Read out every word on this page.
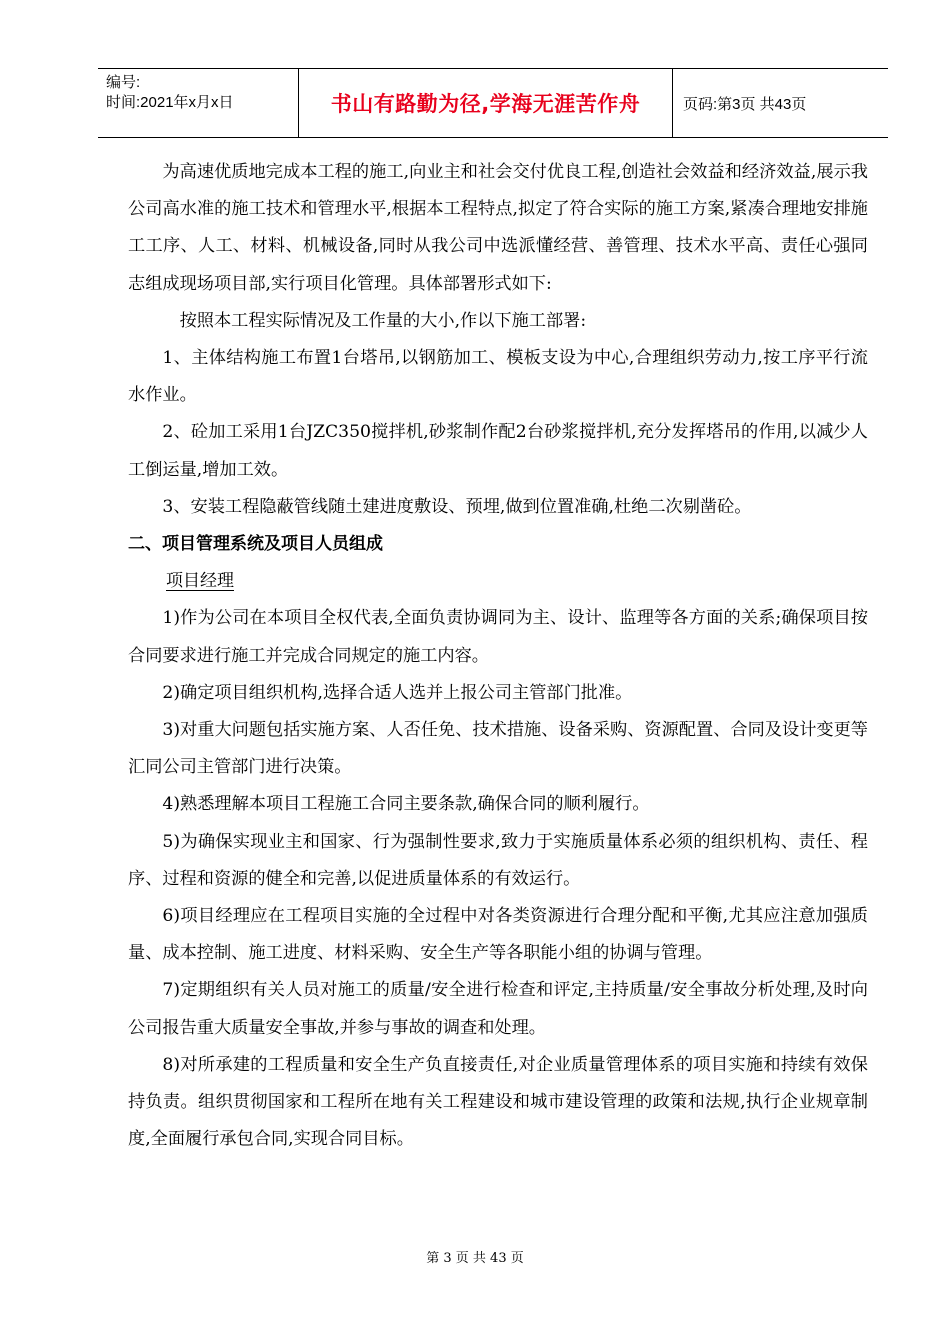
编号:
时间:2021年x月x日	书山有路勤为径,学海无涯苦作舟	页码:第3页 共43页

为高速优质地完成本工程的施工,向业主和社会交付优良工程,创造社会效益和经济效益,展示我公司高水准的施工技术和管理水平,根据本工程特点,拟定了符合实际的施工方案,紧凑合理地安排施工工序、人工、材料、机械设备,同时从我公司中选派懂经营、善管理、技术水平高、责任心强同志组成现场项目部,实行项目化管理。具体部署形式如下:

按照本工程实际情况及工作量的大小,作以下施工部署:

1、主体结构施工布置1台塔吊,以钢筋加工、模板支设为中心,合理组织劳动力,按工序平行流水作业。

2、砼加工采用1台JZC350搅拌机,砂浆制作配2台砂浆搅拌机,充分发挥塔吊的作用,以减少人工倒运量,增加工效。

3、安装工程隐蔽管线随土建进度敷设、预埋,做到位置准确,杜绝二次剔凿砼。

二、项目管理系统及项目人员组成

项目经理

1)作为公司在本项目全权代表,全面负责协调同为主、设计、监理等各方面的关系;确保项目按合同要求进行施工并完成合同规定的施工内容。

2)确定项目组织机构,选择合适人选并上报公司主管部门批准。

3)对重大问题包括实施方案、人否任免、技术措施、设备采购、资源配置、合同及设计变更等汇同公司主管部门进行决策。

4)熟悉理解本项目工程施工合同主要条款,确保合同的顺利履行。

5)为确保实现业主和国家、行为强制性要求,致力于实施质量体系必须的组织机构、责任、程序、过程和资源的健全和完善,以促进质量体系的有效运行。

6)项目经理应在工程项目实施的全过程中对各类资源进行合理分配和平衡,尤其应注意加强质量、成本控制、施工进度、材料采购、安全生产等各职能小组的协调与管理。

7)定期组织有关人员对施工的质量/安全进行检查和评定,主持质量/安全事故分析处理,及时向公司报告重大质量安全事故,并参与事故的调查和处理。

8)对所承建的工程质量和安全生产负直接责任,对企业质量管理体系的项目实施和持续有效保持负责。组织贯彻国家和工程所在地有关工程建设和城市建设管理的政策和法规,执行企业规章制度,全面履行承包合同,实现合同目标。

第 3 页 共 43 页
